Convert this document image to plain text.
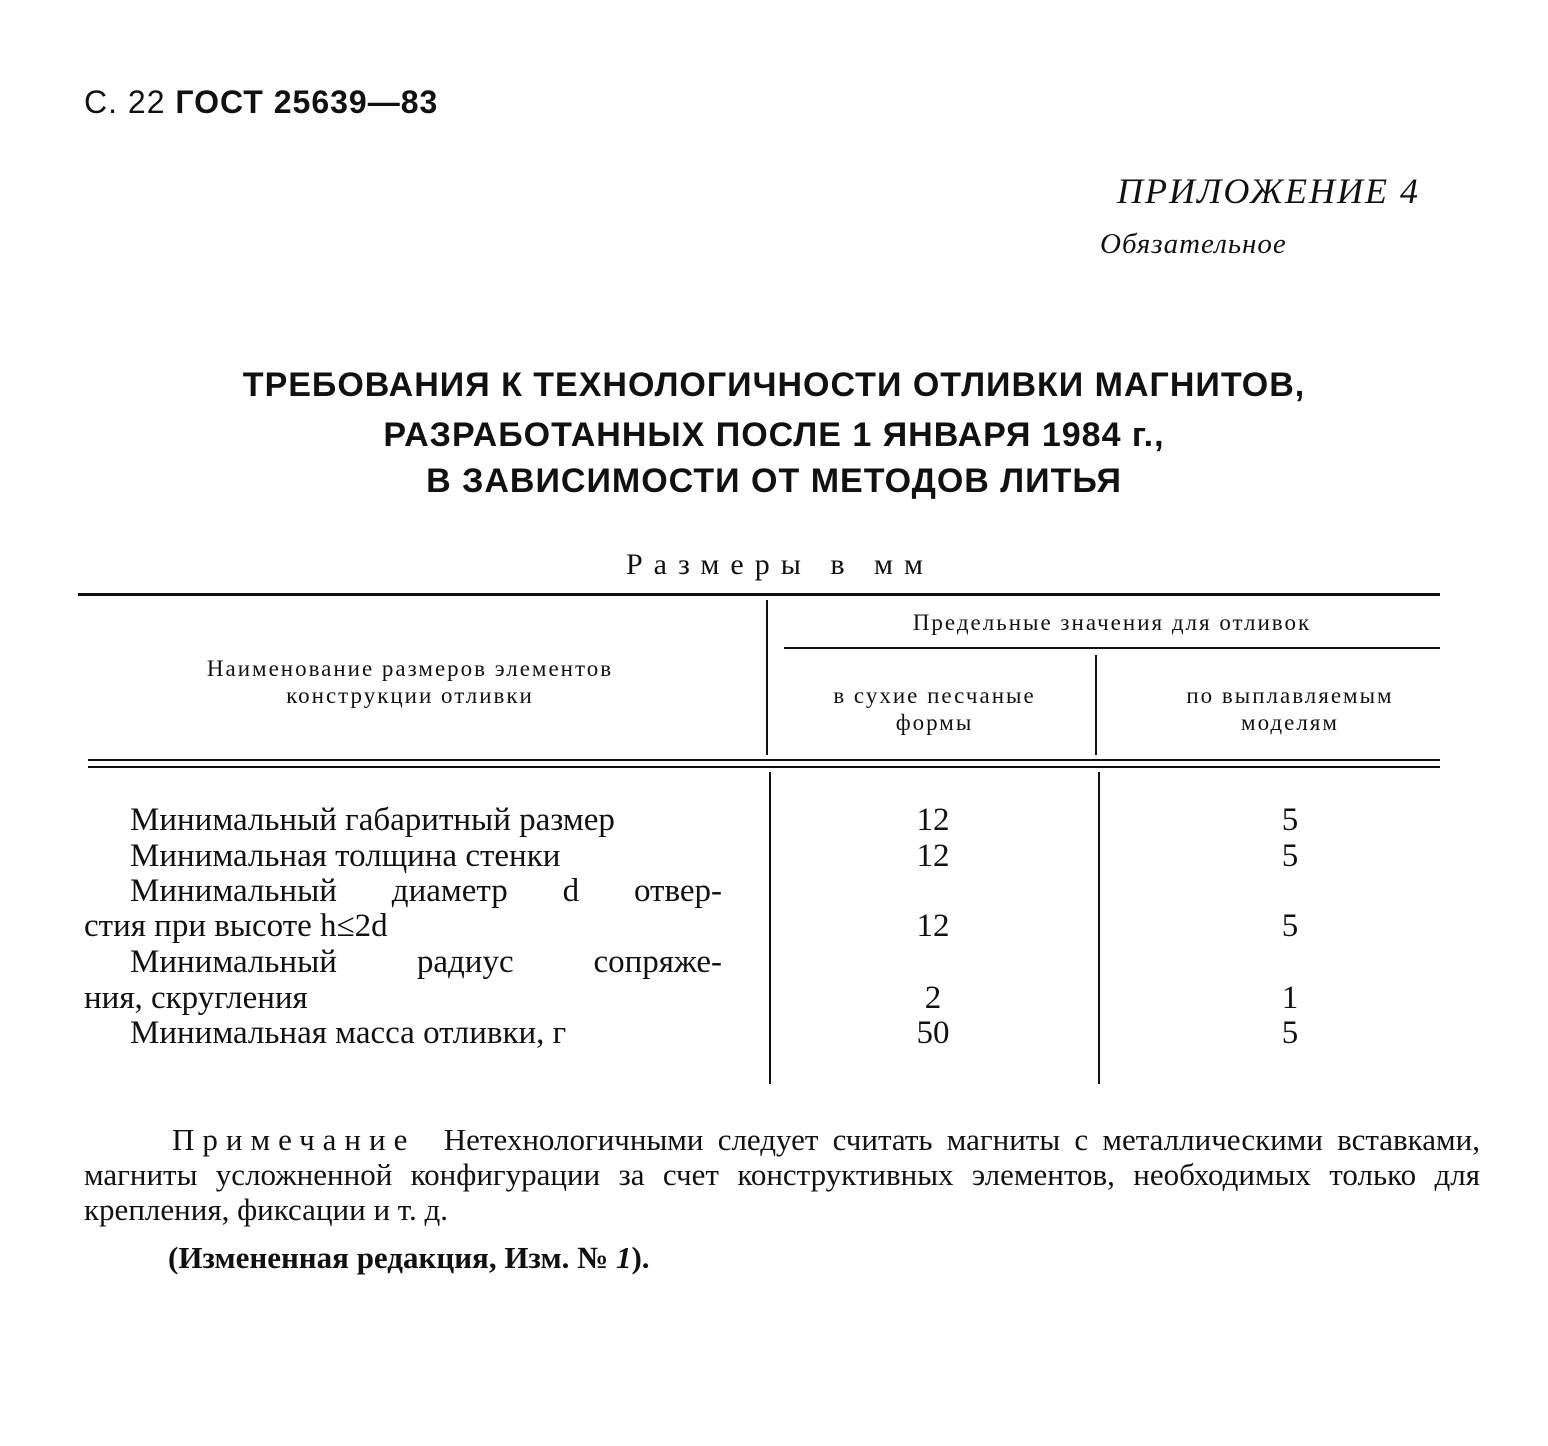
С. 22 ГОСТ 25639—83
ПРИЛОЖЕНИЕ 4
Обязательное
ТРЕБОВАНИЯ К ТЕХНОЛОГИЧНОСТИ ОТЛИВКИ МАГНИТОВ,
РАЗРАБОТАННЫХ ПОСЛЕ 1 ЯНВАРЯ 1984 г.,
В ЗАВИСИМОСТИ ОТ МЕТОДОВ ЛИТЬЯ
Размеры в мм
Наименование размеров элементов конструкции отливки
Предельные значения для отливок
в сухие песчаные формы
по выплавляемым моделям
Минимальный габаритный размер	12	5
Минимальная толщина стенки	12	5
Минимальный диаметр d отвер-
стия при высоте h≤2d	12	5
Минимальный радиус сопряже-
ния, скругления	2	1
Минимальная масса отливки, г	50	5
Примечание Нетехнологичными следует считать магниты с металлическими вставками, магниты усложненной конфигурации за счет конструктивных элементов, необходимых только для крепления, фиксации и т. д.
(Измененная редакция, Изм. № 1).
